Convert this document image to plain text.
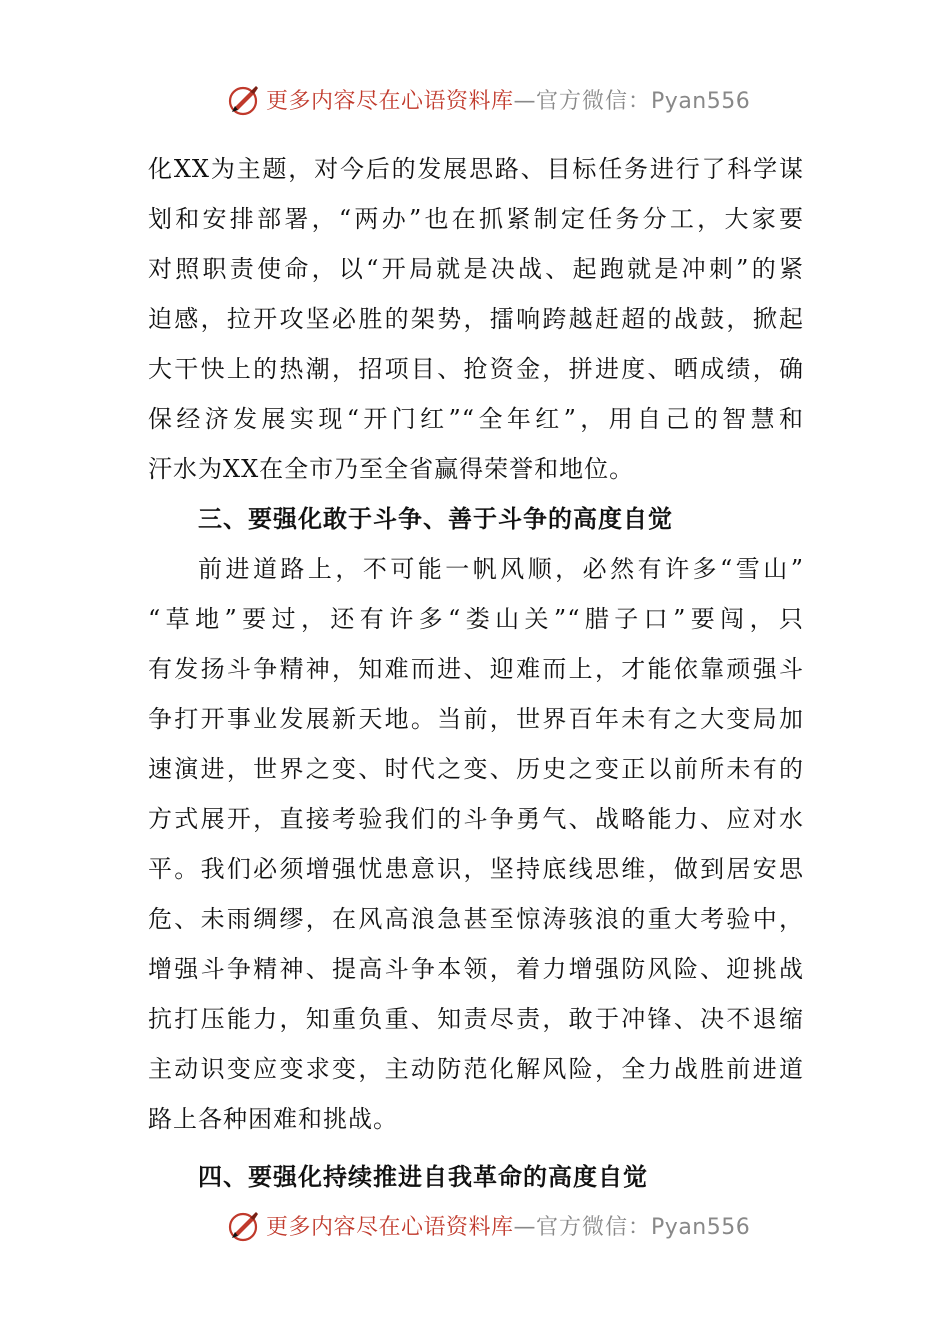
更多内容尽在心语资料库—官方微信：Pyan556
化XX为主题，对今后的发展思路、目标任务进行了科学谋
划和安排部署，“两办”也在抓紧制定任务分工，大家要
对照职责使命，以“开局就是决战、起跑就是冲刺”的紧
迫感，拉开攻坚必胜的架势，擂响跨越赶超的战鼓，掀起
大干快上的热潮，招项目、抢资金，拼进度、晒成绩，确
保经济发展实现“开门红”“全年红”，用自己的智慧和
汗水为XX在全市乃至全省赢得荣誉和地位。
三、要强化敢于斗争、善于斗争的高度自觉
前进道路上，不可能一帆风顺，必然有许多“雪山”
“草地”要过，还有许多“娄山关”“腊子口”要闯，只
有发扬斗争精神，知难而进、迎难而上，才能依靠顽强斗
争打开事业发展新天地。当前，世界百年未有之大变局加
速演进，世界之变、时代之变、历史之变正以前所未有的
方式展开，直接考验我们的斗争勇气、战略能力、应对水
平。我们必须增强忧患意识，坚持底线思维，做到居安思
危、未雨绸缪，在风高浪急甚至惊涛骇浪的重大考验中，
增强斗争精神、提高斗争本领，着力增强防风险、迎挑战
抗打压能力，知重负重、知责尽责，敢于冲锋、决不退缩
主动识变应变求变，主动防范化解风险，全力战胜前进道
路上各种困难和挑战。
四、要强化持续推进自我革命的高度自觉
更多内容尽在心语资料库—官方微信：Pyan556
